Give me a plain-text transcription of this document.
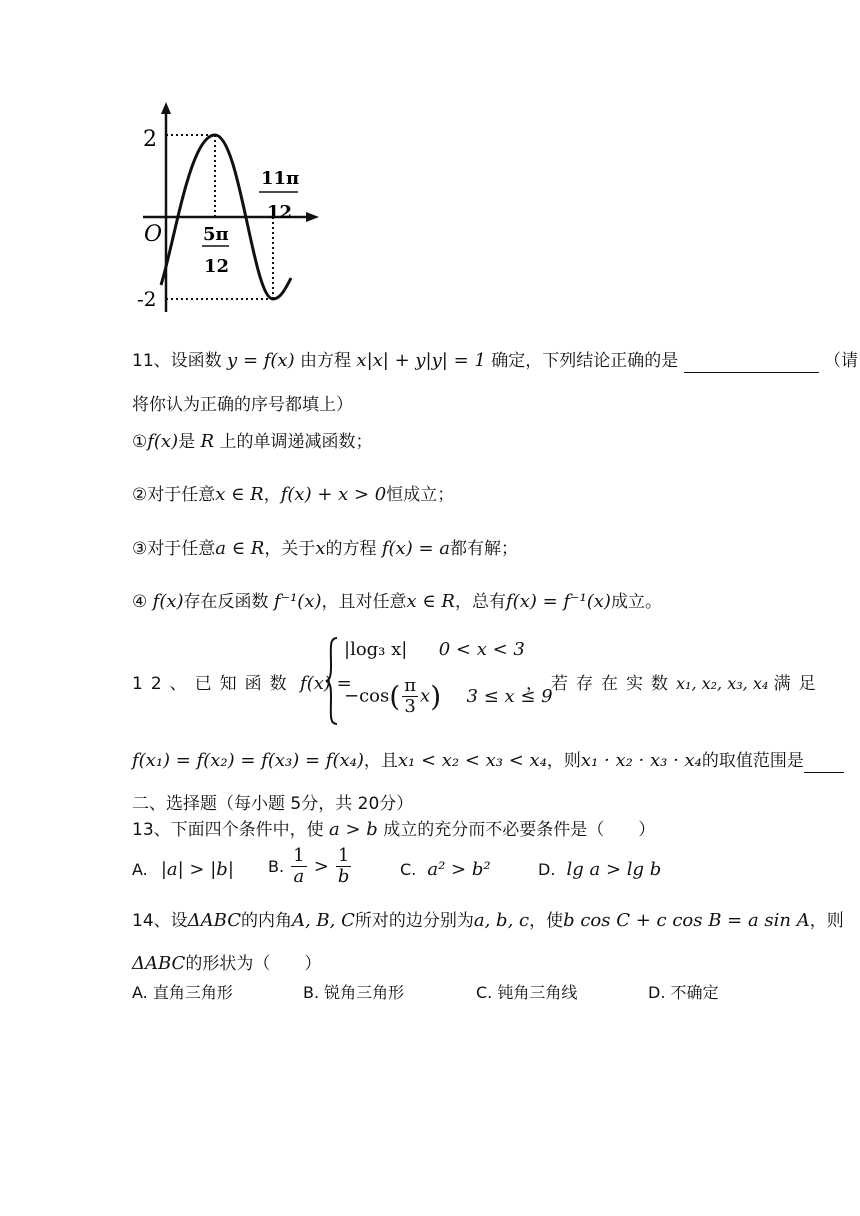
2
-2
O 5π
12
11π
12
11、设函数 y = f(x) 由方程 x|x| + y|y| = 1 确定，下列结论正确的是	（请
将你认为正确的序号都填上）
①f(x)是 R 上的单调递减函数；
②对于任意x ∈ R，f(x) + x > 0恒成立；
③对于任意a ∈ R，关于x的方程 f(x) = a都有解；
④ f(x)存在反函数 f⁻¹(x)，且对任意x ∈ R，总有f(x) = f⁻¹(x)成立。
12、已知函数 f(x) =
|log₃ x| 0 < x < 3
$-\cos( \frac{\pi}{3} x)$ 3 ≤ x ≤ 9
，若存在实数x₁, x₂, x₃, x₄ 满足
f(x₁) = f(x₂) = f(x₃) = f(x₄)，且x₁ < x₂ < x₃ < x₄，则x₁ · x₂ · x₃ · x₄的取值范围是
二、选择题（每小题 5分，共 20分）
13、下面四个条件中，使 a > b 成立的充分而不必要条件是（　　）
A. |a| > |b| B. $\frac{1}{a} > \frac{1}{b}$	C. a² > b²	D. lg a > lg b
14、设ΔABC的内角A, B, C所对的边分别为a, b, c，使b cos C + c cos B = a sin A，则
ΔABC的形状为（　　）
A. 直角三角形	B. 锐角三角形	C. 钝角三角线	D. 不确定
